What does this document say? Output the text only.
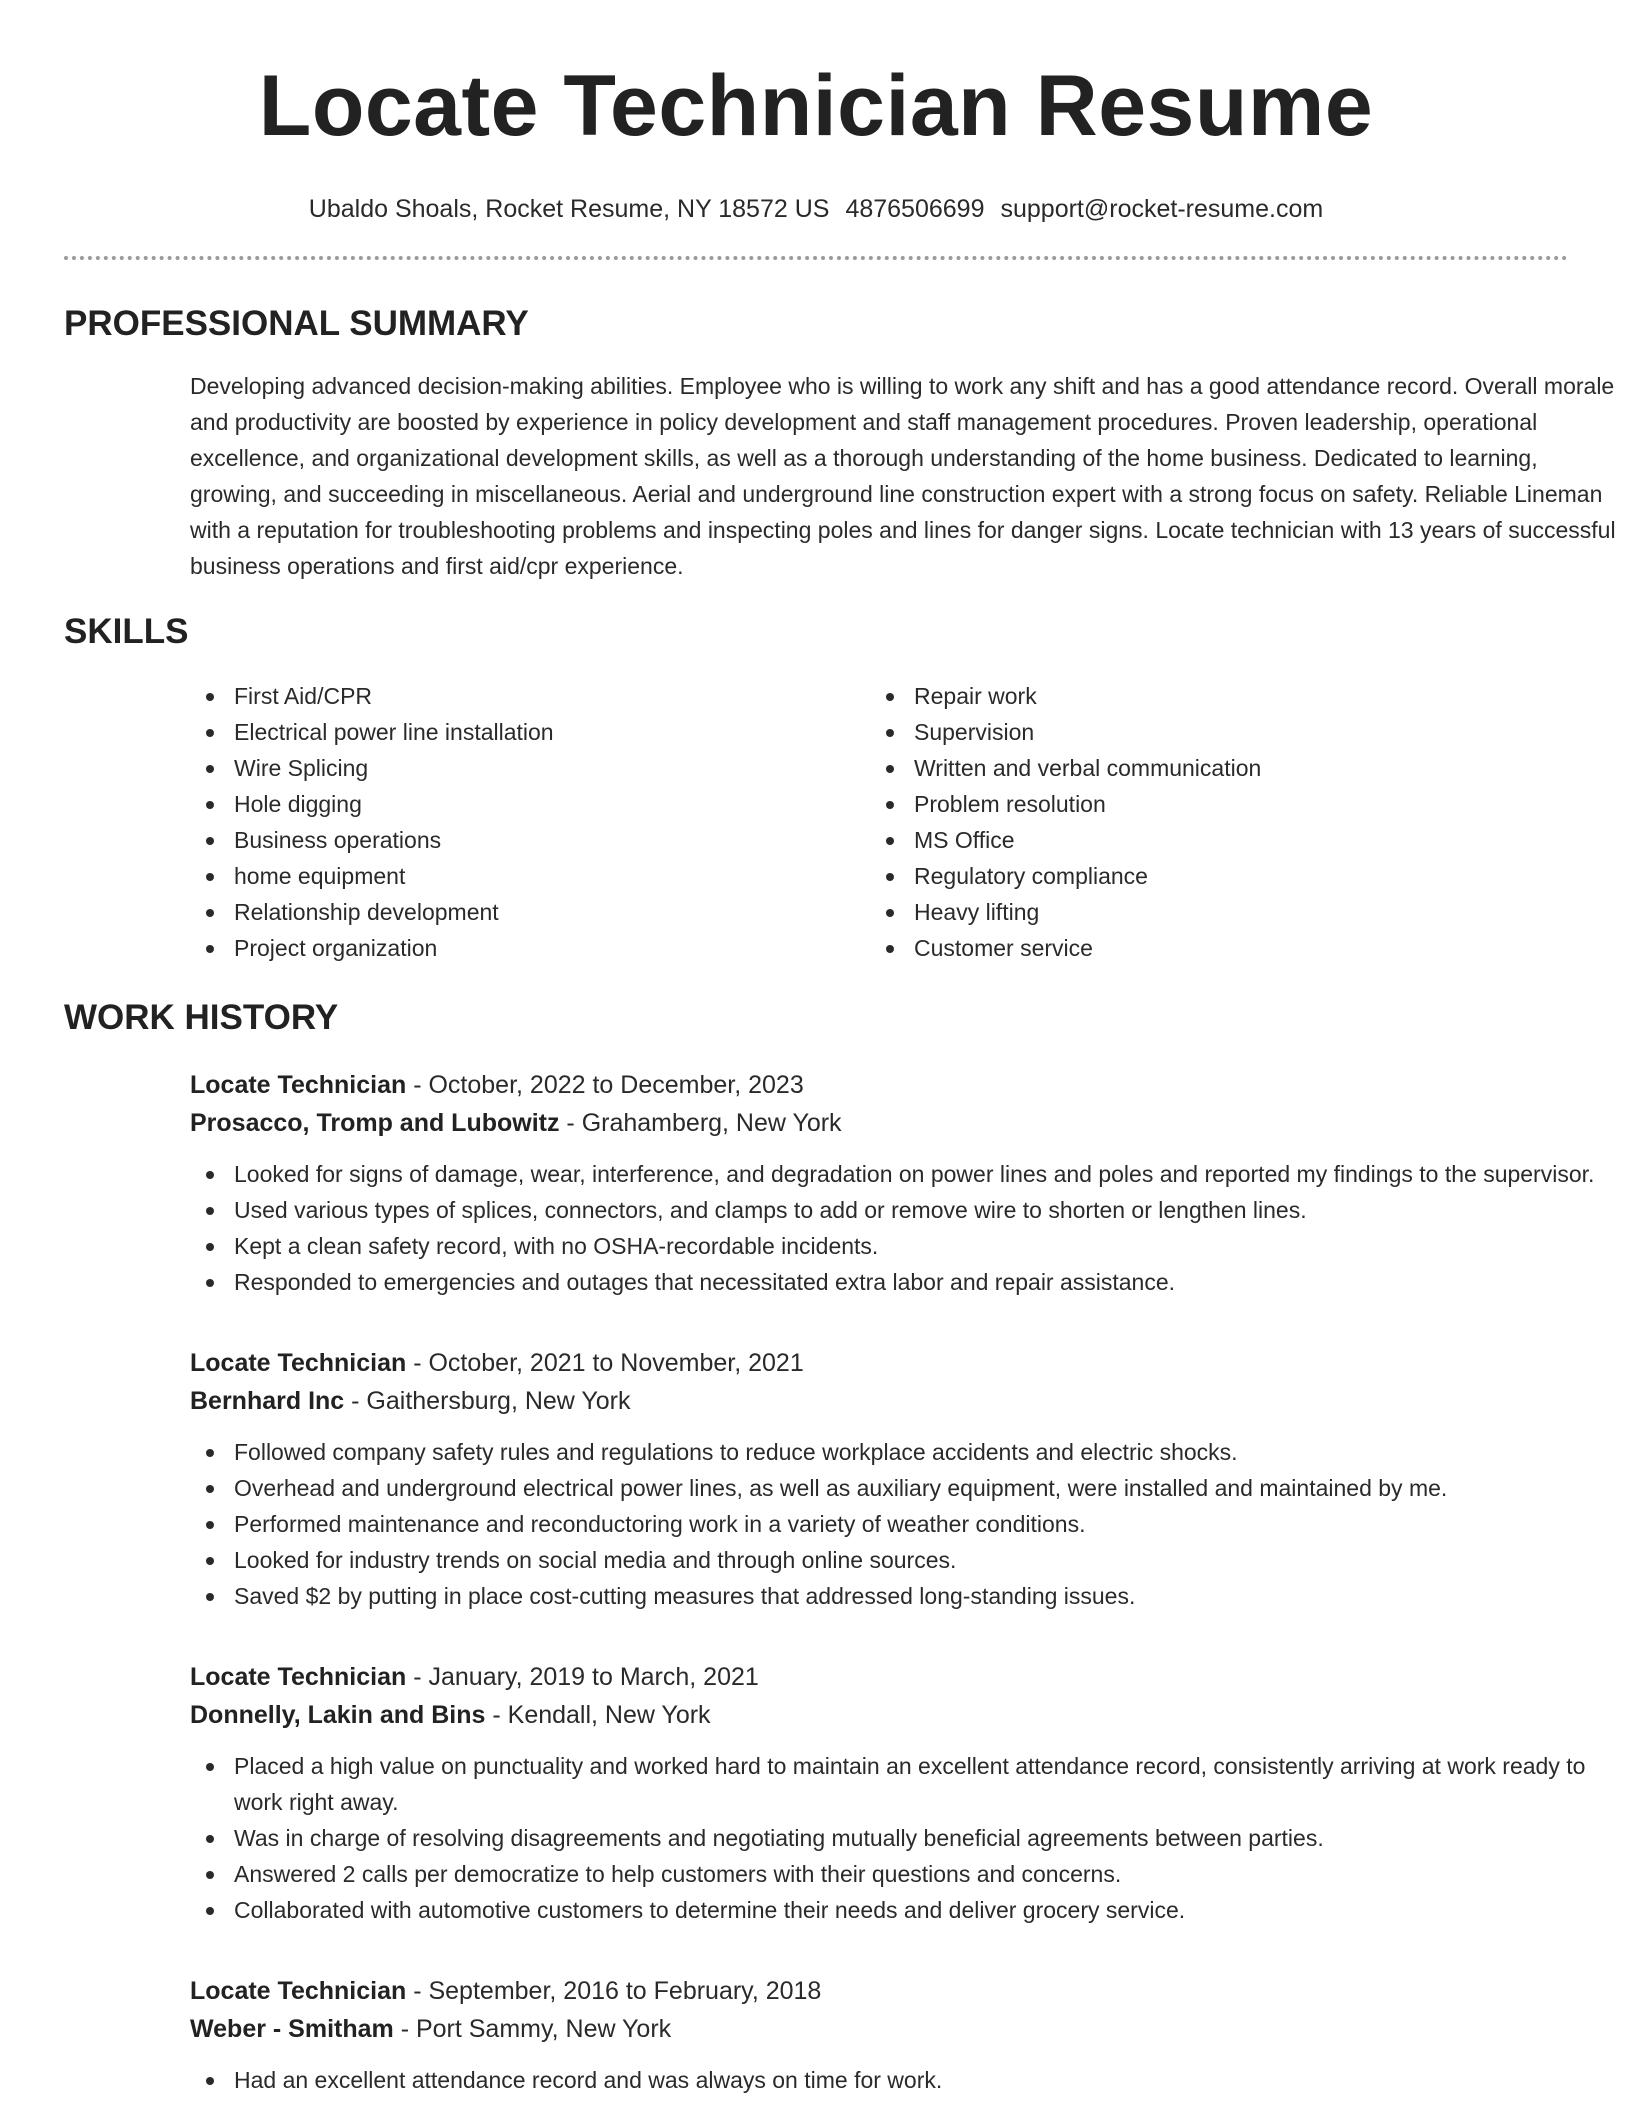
Locate Technician Resume
Ubaldo Shoals, Rocket Resume, NY 18572 US 4876506699 support@rocket-resume.com
PROFESSIONAL SUMMARY

Developing advanced decision-making abilities. Employee who is willing to work any shift and has a good attendance record. Overall morale and productivity are boosted by experience in policy development and staff management procedures. Proven leadership, operational excellence, and organizational development skills, as well as a thorough understanding of the home business. Dedicated to learning, growing, and succeeding in miscellaneous. Aerial and underground line construction expert with a strong focus on safety. Reliable Lineman with a reputation for troubleshooting problems and inspecting poles and lines for danger signs. Locate technician with 13 years of successful business operations and first aid/cpr experience.

SKILLS
First Aid/CPR
Electrical power line installation
Wire Splicing
Hole digging
Business operations
home equipment
Relationship development
Project organization
Repair work
Supervision
Written and verbal communication
Problem resolution
MS Office
Regulatory compliance
Heavy lifting
Customer service
WORK HISTORY
Locate Technician - October, 2022 to December, 2023
Prosacco, Tromp and Lubowitz - Grahamberg, New York
Looked for signs of damage, wear, interference, and degradation on power lines and poles and reported my findings to the supervisor.
Used various types of splices, connectors, and clamps to add or remove wire to shorten or lengthen lines.
Kept a clean safety record, with no OSHA-recordable incidents.
Responded to emergencies and outages that necessitated extra labor and repair assistance.
Locate Technician - October, 2021 to November, 2021
Bernhard Inc - Gaithersburg, New York
Followed company safety rules and regulations to reduce workplace accidents and electric shocks.
Overhead and underground electrical power lines, as well as auxiliary equipment, were installed and maintained by me.
Performed maintenance and reconductoring work in a variety of weather conditions.
Looked for industry trends on social media and through online sources.
Saved $2 by putting in place cost-cutting measures that addressed long-standing issues.
Locate Technician - January, 2019 to March, 2021
Donnelly, Lakin and Bins - Kendall, New York
Placed a high value on punctuality and worked hard to maintain an excellent attendance record, consistently arriving at work ready to work right away.
Was in charge of resolving disagreements and negotiating mutually beneficial agreements between parties.
Answered 2 calls per democratize to help customers with their questions and concerns.
Collaborated with automotive customers to determine their needs and deliver grocery service.
Locate Technician - September, 2016 to February, 2018
Weber - Smitham - Port Sammy, New York
Had an excellent attendance record and was always on time for work.
